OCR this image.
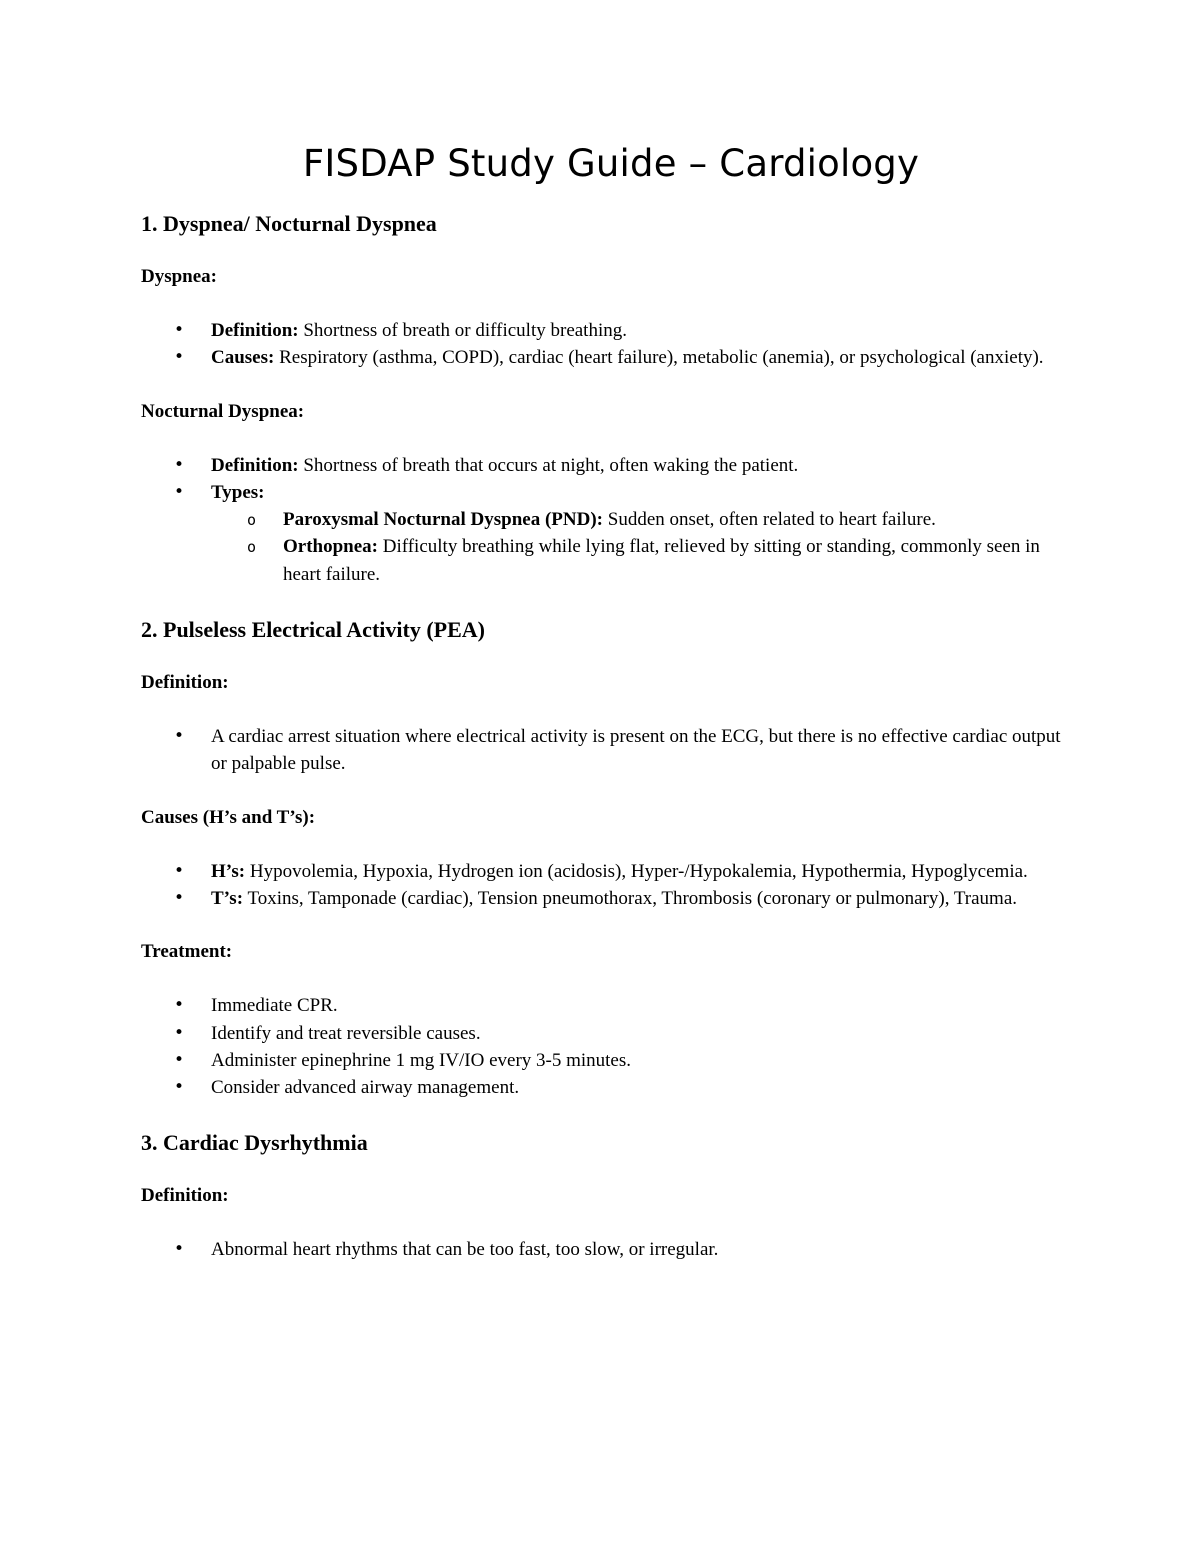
FISDAP Study Guide – Cardiology
1. Dyspnea/ Nocturnal Dyspnea
Dyspnea:
• Definition: Shortness of breath or difficulty breathing.
• Causes: Respiratory (asthma, COPD), cardiac (heart failure), metabolic (anemia), or psychological (anxiety).
Nocturnal Dyspnea:
• Definition: Shortness of breath that occurs at night, often waking the patient.
• Types:
o Paroxysmal Nocturnal Dyspnea (PND): Sudden onset, often related to heart failure.
o Orthopnea: Difficulty breathing while lying flat, relieved by sitting or standing, commonly seen in heart failure.
2. Pulseless Electrical Activity (PEA)
Definition:
• A cardiac arrest situation where electrical activity is present on the ECG, but there is no effective cardiac output or palpable pulse.
Causes (H’s and T’s):
• H’s: Hypovolemia, Hypoxia, Hydrogen ion (acidosis), Hyper-/Hypokalemia, Hypothermia, Hypoglycemia.
• T’s: Toxins, Tamponade (cardiac), Tension pneumothorax, Thrombosis (coronary or pulmonary), Trauma.
Treatment:
• Immediate CPR.
• Identify and treat reversible causes.
• Administer epinephrine 1 mg IV/IO every 3-5 minutes.
• Consider advanced airway management.
3. Cardiac Dysrhythmia
Definition:
• Abnormal heart rhythms that can be too fast, too slow, or irregular.
